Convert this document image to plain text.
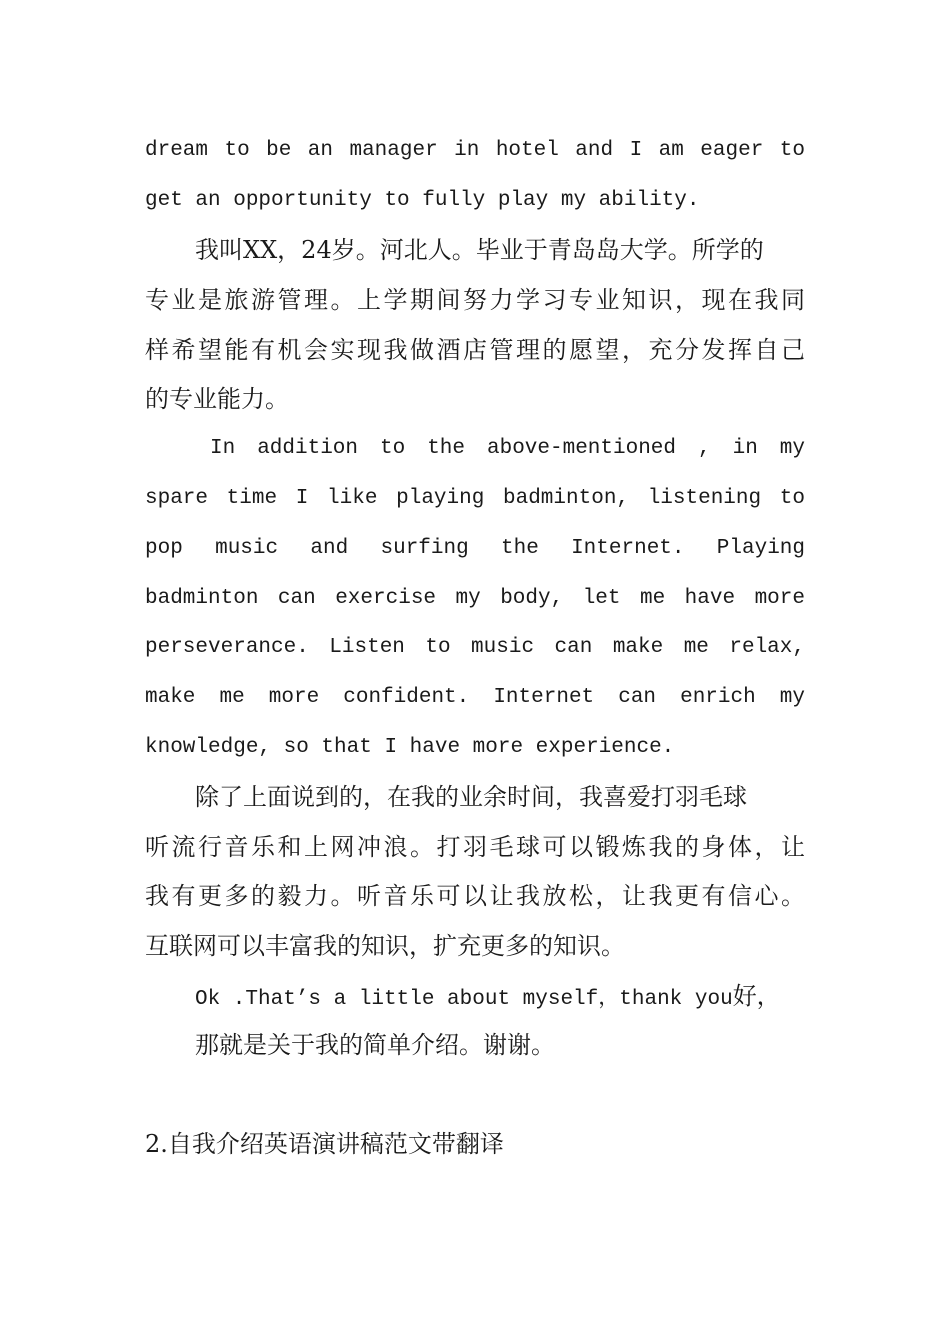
dream to be an manager in hotel and I am eager to
get an opportunity to fully play my ability.
我叫XX，24岁。河北人。毕业于青岛岛大学。所学的
专业是旅游管理。上学期间努力学习专业知识，现在我同
样希望能有机会实现我做酒店管理的愿望，充分发挥自己
的专业能力。
In addition to the above-mentioned , in my
spare time I like playing badminton, listening to
pop music and surfing the Internet. Playing
badminton can exercise my body, let me have more
perseverance. Listen to music can make me relax,
make me more confident. Internet can enrich my
knowledge, so that I have more experience.
除了上面说到的，在我的业余时间，我喜爱打羽毛球
听流行音乐和上网冲浪。打羽毛球可以锻炼我的身体，让
我有更多的毅力。听音乐可以让我放松，让我更有信心。
互联网可以丰富我的知识，扩充更多的知识。
Ok .That’s a little about myself，thank you好，
那就是关于我的简单介绍。谢谢。
2.自我介绍英语演讲稿范文带翻译
